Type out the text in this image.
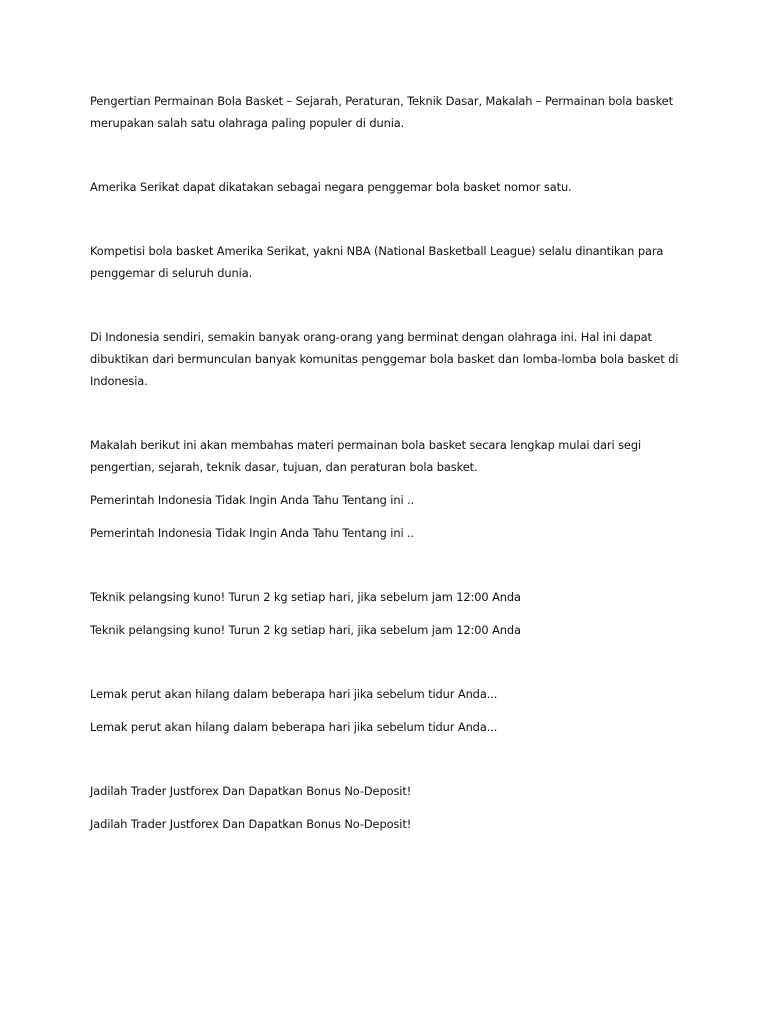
Pengertian Permainan Bola Basket – Sejarah, Peraturan, Teknik Dasar, Makalah – Permainan bola basket merupakan salah satu olahraga paling populer di dunia.

Amerika Serikat dapat dikatakan sebagai negara penggemar bola basket nomor satu.

Kompetisi bola basket Amerika Serikat, yakni NBA (National Basketball League) selalu dinantikan para penggemar di seluruh dunia.

Di Indonesia sendiri, semakin banyak orang-orang yang berminat dengan olahraga ini. Hal ini dapat dibuktikan dari bermunculan banyak komunitas penggemar bola basket dan lomba-lomba bola basket di Indonesia.

Makalah berikut ini akan membahas materi permainan bola basket secara lengkap mulai dari segi pengertian, sejarah, teknik dasar, tujuan, dan peraturan bola basket.

Pemerintah Indonesia Tidak Ingin Anda Tahu Tentang ini ..

Pemerintah Indonesia Tidak Ingin Anda Tahu Tentang ini ..

Teknik pelangsing kuno! Turun 2 kg setiap hari, jika sebelum jam 12:00 Anda

Teknik pelangsing kuno! Turun 2 kg setiap hari, jika sebelum jam 12:00 Anda

Lemak perut akan hilang dalam beberapa hari jika sebelum tidur Anda...

Lemak perut akan hilang dalam beberapa hari jika sebelum tidur Anda...

Jadilah Trader Justforex Dan Dapatkan Bonus No-Deposit!

Jadilah Trader Justforex Dan Dapatkan Bonus No-Deposit!
